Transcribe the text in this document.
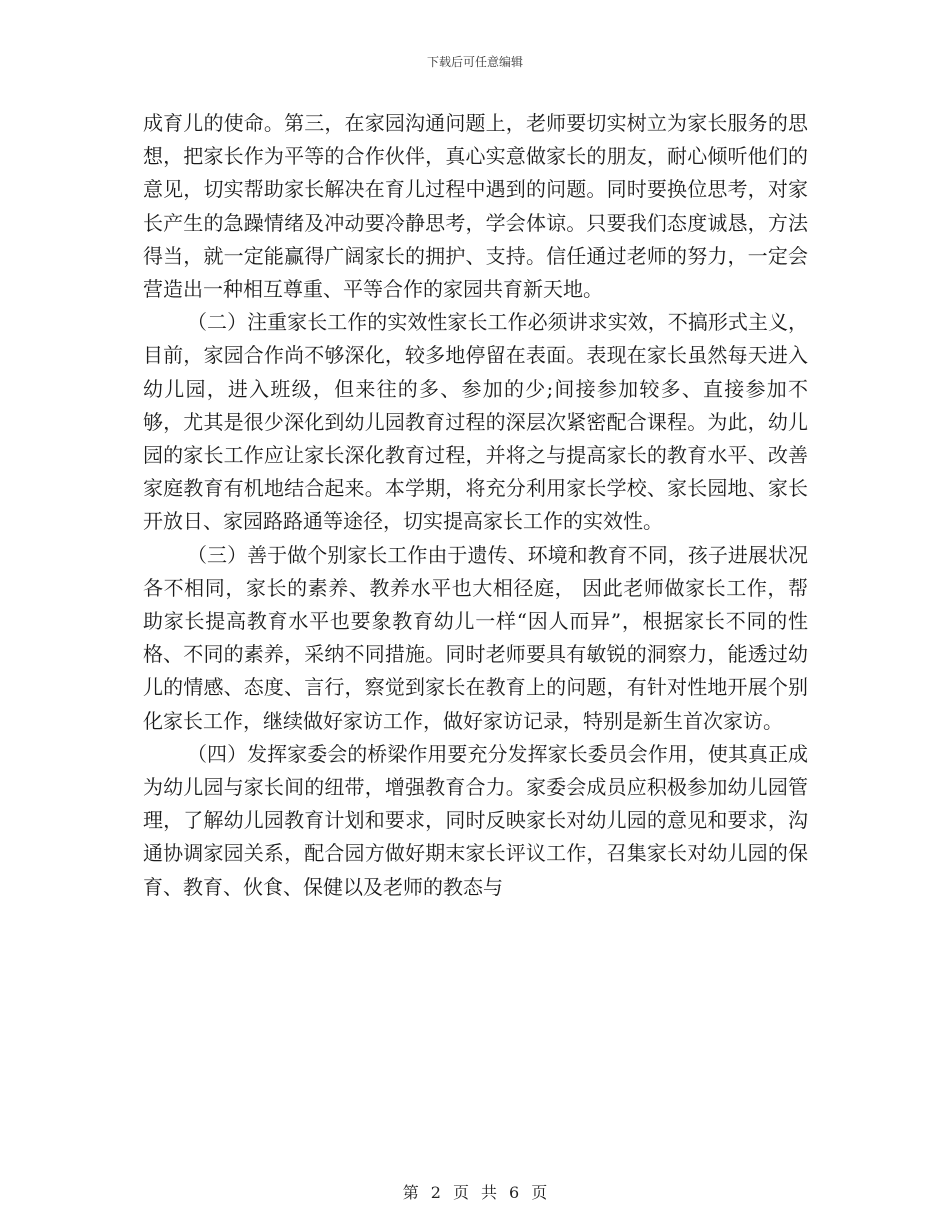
下载后可任意编辑

成育儿的使命。第三，在家园沟通问题上，老师要切实树立为家长服务的思想，把家长作为平等的合作伙伴，真心实意做家长的朋友，耐心倾听他们的意见，切实帮助家长解决在育儿过程中遇到的问题。同时要换位思考，对家长产生的急躁情绪及冲动要冷静思考，学会体谅。只要我们态度诚恳，方法得当，就一定能赢得广阔家长的拥护、支持。信任通过老师的努力，一定会营造出一种相互尊重、平等合作的家园共育新天地。

（二）注重家长工作的实效性家长工作必须讲求实效，不搞形式主义，目前，家园合作尚不够深化，较多地停留在表面。表现在家长虽然每天进入幼儿园，进入班级，但来往的多、参加的少;间接参加较多、直接参加不够，尤其是很少深化到幼儿园教育过程的深层次紧密配合课程。为此，幼儿园的家长工作应让家长深化教育过程，并将之与提高家长的教育水平、改善家庭教育有机地结合起来。本学期，将充分利用家长学校、家长园地、家长开放日、家园路路通等途径，切实提高家长工作的实效性。

（三）善于做个别家长工作由于遗传、环境和教育不同，孩子进展状况各不相同，家长的素养、教养水平也大相径庭， 因此老师做家长工作，帮助家长提高教育水平也要象教育幼儿一样“因人而异”，根据家长不同的性格、不同的素养，采纳不同措施。同时老师要具有敏锐的洞察力，能透过幼儿的情感、态度、言行，察觉到家长在教育上的问题，有针对性地开展个别化家长工作，继续做好家访工作，做好家访记录，特别是新生首次家访。

（四）发挥家委会的桥梁作用要充分发挥家长委员会作用，使其真正成为幼儿园与家长间的纽带，增强教育合力。家委会成员应积极参加幼儿园管理，了解幼儿园教育计划和要求，同时反映家长对幼儿园的意见和要求，沟通协调家园关系，配合园方做好期末家长评议工作，召集家长对幼儿园的保育、教育、伙食、保健以及老师的教态与

第 2 页 共 6 页
